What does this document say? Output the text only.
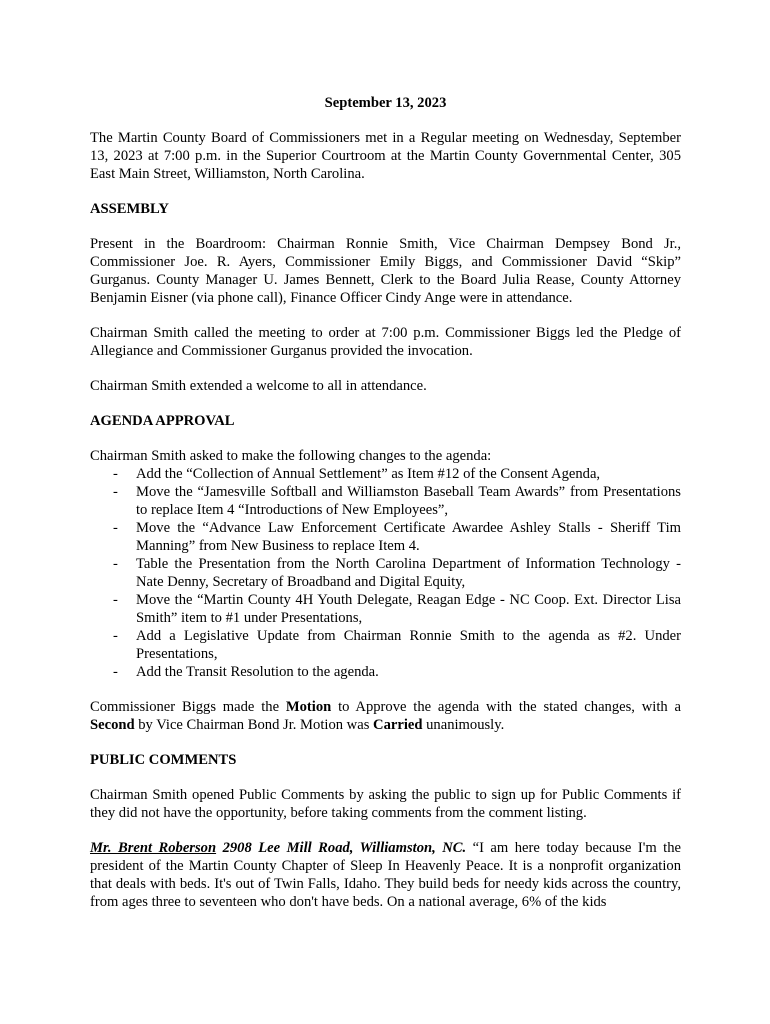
September 13, 2023

The Martin County Board of Commissioners met in a Regular meeting on Wednesday, September 13, 2023 at 7:00 p.m. in the Superior Courtroom at the Martin County Governmental Center, 305 East Main Street, Williamston, North Carolina.

ASSEMBLY

Present in the Boardroom: Chairman Ronnie Smith, Vice Chairman Dempsey Bond Jr., Commissioner Joe. R. Ayers, Commissioner Emily Biggs, and Commissioner David “Skip” Gurganus. County Manager U. James Bennett, Clerk to the Board Julia Rease, County Attorney Benjamin Eisner (via phone call), Finance Officer Cindy Ange were in attendance.

Chairman Smith called the meeting to order at 7:00 p.m. Commissioner Biggs led the Pledge of Allegiance and Commissioner Gurganus provided the invocation.

Chairman Smith extended a welcome to all in attendance.

AGENDA APPROVAL

Chairman Smith asked to make the following changes to the agenda:

- Add the “Collection of Annual Settlement” as Item #12 of the Consent Agenda,
- Move the “Jamesville Softball and Williamston Baseball Team Awards” from Presentations to replace Item 4 “Introductions of New Employees”,
- Move the “Advance Law Enforcement Certificate Awardee Ashley Stalls - Sheriff Tim Manning” from New Business to replace Item 4.
- Table the Presentation from the North Carolina Department of Information Technology - Nate Denny, Secretary of Broadband and Digital Equity,
- Move the “Martin County 4H Youth Delegate, Reagan Edge - NC Coop. Ext. Director Lisa Smith” item to #1 under Presentations,
- Add a Legislative Update from Chairman Ronnie Smith to the agenda as #2. Under Presentations,
- Add the Transit Resolution to the agenda.

Commissioner Biggs made the Motion to Approve the agenda with the stated changes, with a Second by Vice Chairman Bond Jr. Motion was Carried unanimously.

PUBLIC COMMENTS

Chairman Smith opened Public Comments by asking the public to sign up for Public Comments if they did not have the opportunity, before taking comments from the comment listing.

Mr. Brent Roberson 2908 Lee Mill Road, Williamston, NC. “I am here today because I'm the president of the Martin County Chapter of Sleep In Heavenly Peace. It is a nonprofit organization that deals with beds. It's out of Twin Falls, Idaho. They build beds for needy kids across the country, from ages three to seventeen who don't have beds. On a national average, 6% of the kids
